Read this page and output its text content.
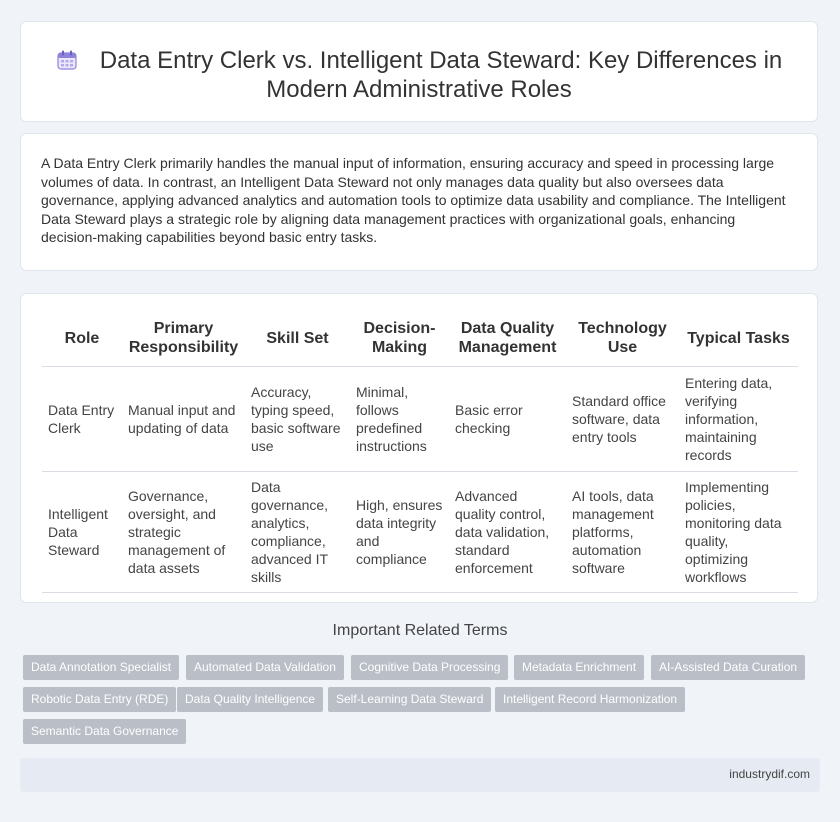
Data Entry Clerk vs. Intelligent Data Steward: Key Differences in Modern Administrative Roles

A Data Entry Clerk primarily handles the manual input of information, ensuring accuracy and speed in processing large volumes of data. In contrast, an Intelligent Data Steward not only manages data quality but also oversees data governance, applying advanced analytics and automation tools to optimize data usability and compliance. The Intelligent Data Steward plays a strategic role by aligning data management practices with organizational goals, enhancing decision-making capabilities beyond basic entry tasks.

Role	Primary Responsibility	Skill Set	Decision-Making	Data Quality Management	Technology Use	Typical Tasks
Data Entry Clerk	Manual input and updating of data	Accuracy, typing speed, basic software use	Minimal, follows predefined instructions	Basic error checking	Standard office software, data entry tools	Entering data, verifying information, maintaining records
Intelligent Data Steward	Governance, oversight, and strategic management of data assets	Data governance, analytics, compliance, advanced IT skills	High, ensures data integrity and compliance	Advanced quality control, data validation, standard enforcement	AI tools, data management platforms, automation software	Implementing policies, monitoring data quality, optimizing workflows
Important Related Terms
Data Annotation Specialist	Automated Data Validation	Cognitive Data Processing	Metadata Enrichment	AI-Assisted Data Curation
Robotic Data Entry (RDE)	Data Quality Intelligence	Self-Learning Data Steward	Intelligent Record Harmonization
Semantic Data Governance
industrydif.com
